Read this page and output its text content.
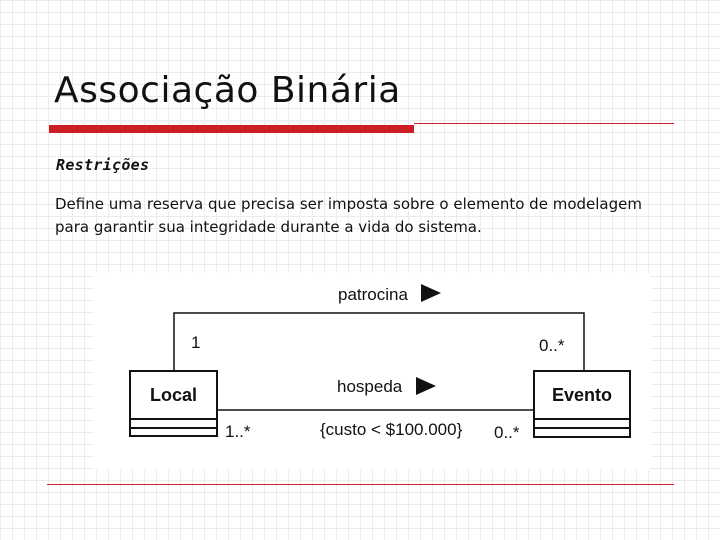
Associação Binária
Restrições
Define uma reserva que precisa ser imposta sobre o elemento de modelagem para garantir sua integridade durante a vida do sistema.
Local	Evento
patrocina
1	0..*
hospeda
1..*	{custo < $100.000} 0..*
